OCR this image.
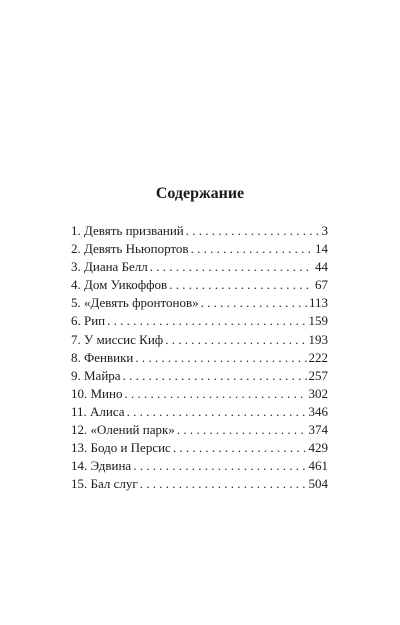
Содержание
1. Девять призваний . . .	3
2. Девять Ньюпортов . . .	14
3. Диана Белл . . .	44
4. Дом Уикоффов . . .	67
5. «Девять фронтонов» . . .	113
6. Рип . . .	159
7. У миссис Киф . . .	193
8. Фенвики . . .	222
9. Майра . . .	257
10. Мино . . .	302
11. Алиса . . .	346
12. «Олений парк» . . .	374
13. Бодо и Персис . . .	429
14. Эдвина . . .	461
15. Бал слуг . . .	504
